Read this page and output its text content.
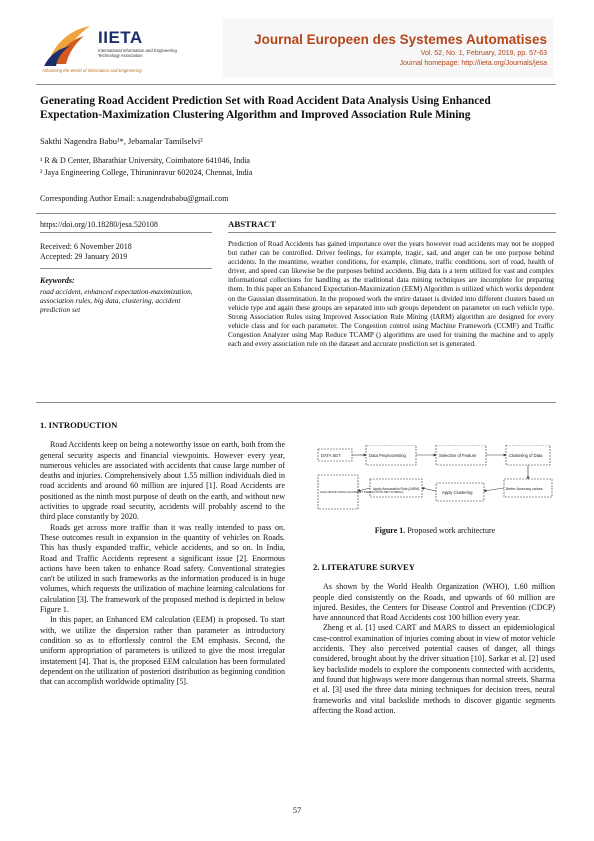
IIETA
International Information and Engineering Technology Association
Advancing the World of Information and Engineering
Journal Europeen des Systemes Automatises
Vol. 52, No. 1, February, 2019, pp. 57-63
Journal homepage: http://iieta.org/Journals/jesa
Generating Road Accident Prediction Set with Road Accident Data Analysis Using Enhanced Expectation-Maximization Clustering Algorithm and Improved Association Rule Mining
Sakthi Nagendra Babu¹*, Jebamalar Tamilselvi²
¹ R & D Center, Bharathiar University, Coimbatore 641046, India
² Jaya Engineering College, Thiruninravur 602024, Chennai, India
Corresponding Author Email: s.nagendrababu@gmail.com
https://doi.org/10.18280/jesa.520108	ABSTRACT
Received: 6 November 2018
Accepted: 29 January 2019
Keywords:
road accident, enhanced expectation-maximization, association rules, big data, clustering, accident prediction set
Prediction of Road Accidents has gained importance over the years however road accidents may not be stopped but rather can be controlled. Driver feelings, for example, tragic, sad, and anger can be one purpose behind accidents. In the meantime, weather conditions, for example, climate, traffic conditions, sort of road, health of driver, and speed can likewise be the purposes behind accidents. Big data is a term utilized for vast and complex informational collections for handling as the traditional data mining techniques are incomplete for preparing them. In this paper an Enhanced Expectation-Maximization (EEM) Algorithm is utilized which works dependent on the Gaussian dissemination. In the proposed work the entire dataset is divided into different clusters based on vehicle type and again these groups are separated into sub groups dependent on parameter on each vehicle type. Strong Association Rules using Improved Association Rule Mining (IARM) algorithm are designed for every vehicle class and for each parameter. The Congestion control using Machine Framework (CCMF) and Traffic Congestion Analyzer using Map Reduce TCAMP () algorithms are used for training the machine and to apply each and every association rule on the dataset and accurate prediction set is generated.
1. INTRODUCTION

Road Accidents keep on being a noteworthy issue on earth, both from the general security aspects and financial viewpoints. However every year, numerous vehicles are associated with accidents that cause large number of deaths and injuries. Comprehensively about 1.55 million individuals died in road accidents and around 60 million are injured [1]. Road Accidents are positioned as the ninth most purpose of death on the earth, and without new activities to upgrade road security, accidents will probably ascend to the third place constantly by 2020.

Roads get across more traffic than it was really intended to pass on. These outcomes result in expansion in the quantity of vehicles on Roads. This has thusly expanded traffic, vehicle accidents, and so on. In India, Road and Traffic Accidents represent a significant issue [2]. Enormous actions have been taken to enhance Road safety. Conventional strategies can't be utilized in such frameworks as the information produced is in huge volumes, which requests the utilization of machine learning calculations for calculation [3]. The framework of the proposed method is depicted in below Figure 1.

In this paper, an Enhanced EM calculation (EEM) is proposed. To start with, we utilize the dispersion rather than parameter as introductory condition so as to effortlessly control the EM emphasis. Second, the uniform appropriation of parameters is utilized to give the most irregular instatement [4]. That is, the proposed EEM calculation has been formulated dependent on the utilization of posteriori distribution as beginning condition that can accomplish worldwide optimality [5].

DATA SET	Data Preprocessing	Selection of Feature	Clustering of Data
ACCURATE ROAD ACCIDENT PREDICTION SET FORMAL
Apply Association Rule (IARM)
Apply Clustering
Better Accuracy values
Figure 1. Proposed work architecture
2. LITERATURE SURVEY

As shown by the World Health Organization (WHO), 1.60 million people died consistently on the Roads, and upwards of 60 million are injured. Besides, the Centers for Disease Control and Prevention (CDCP) have announced that Road Accidents cost 100 billion every year.

Zheng et al. [1] used CART and MARS to dissect an epidemiological case-control examination of injuries coming about in view of motor vehicle accidents. They also perceived potential causes of danger, all things considered, brought about by the driver situation [10]. Sarkar et al. [2] used key backslide models to explore the components connected with accidents, and found that highways were more dangerous than normal streets. Sharma et al. [3] used the three data mining techniques for decision trees, neural frameworks and vital backslide methods to discover gigantic segments affecting the Road action.

57
